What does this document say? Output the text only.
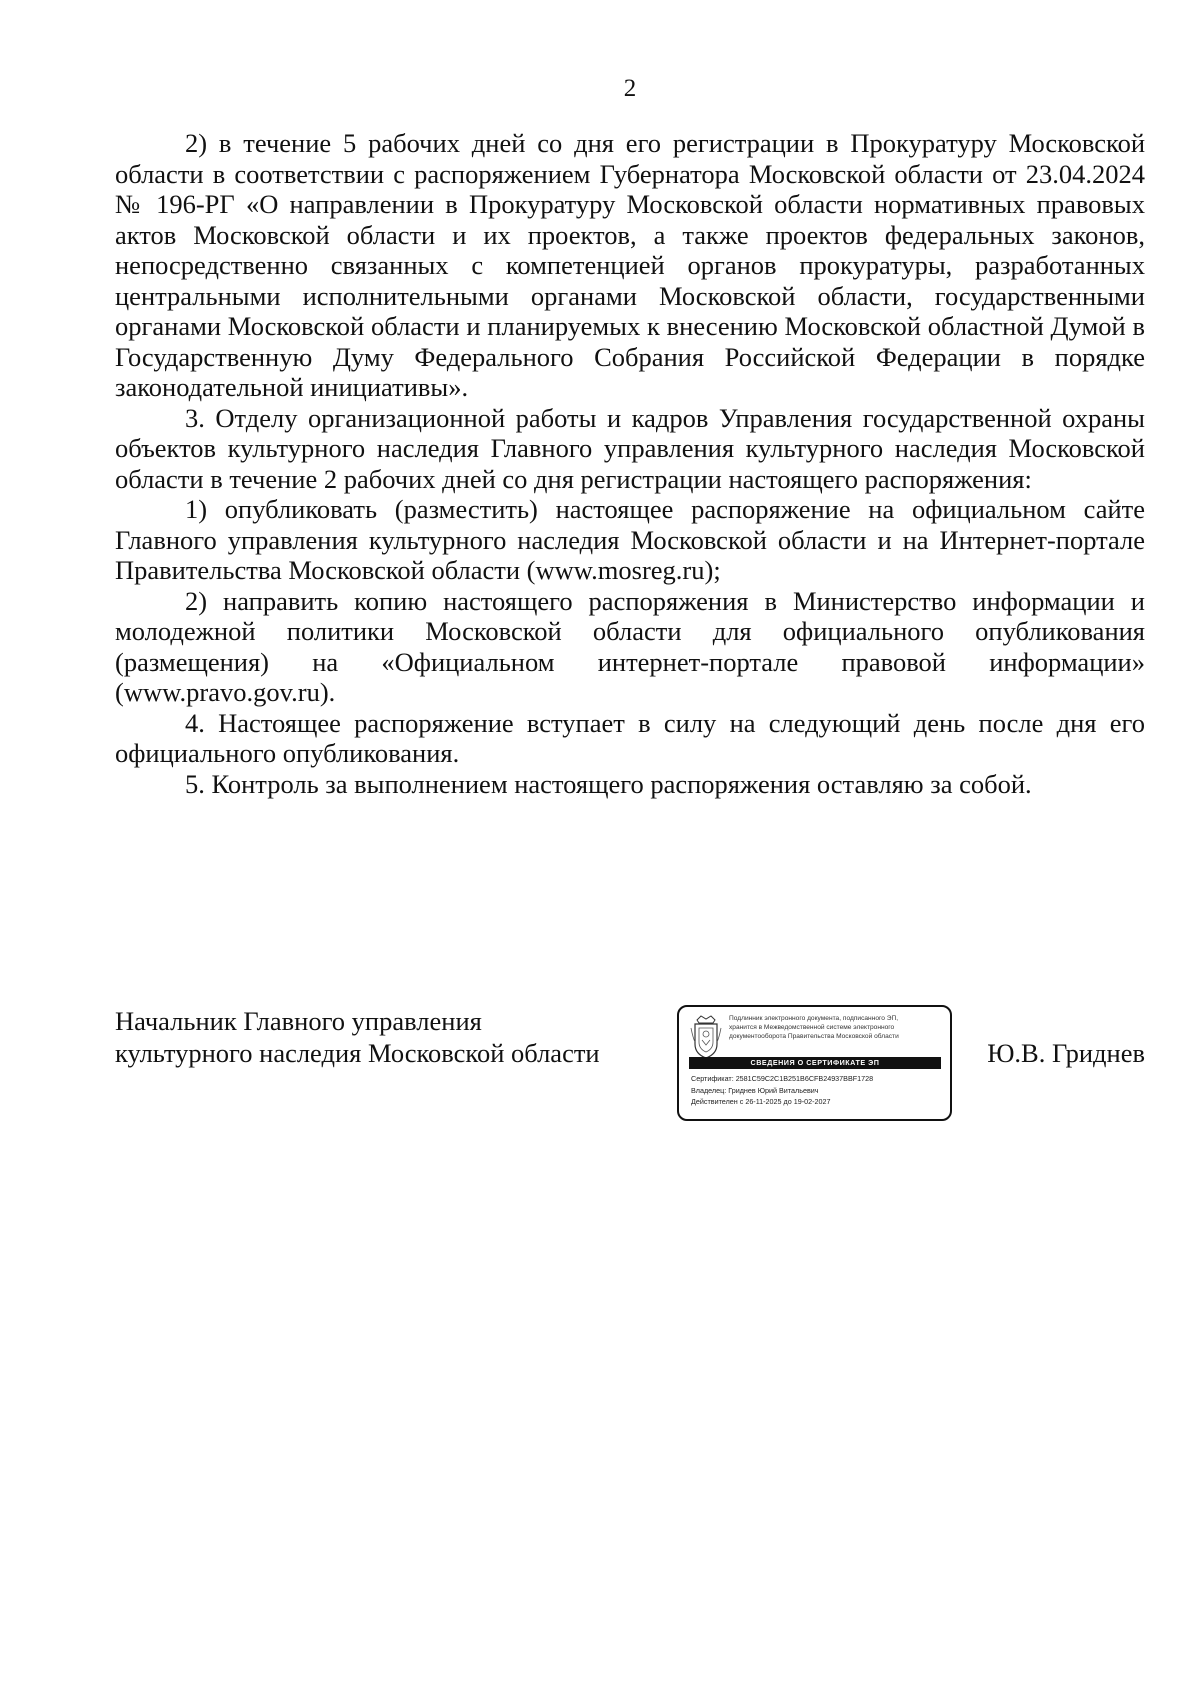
2

2) в течение 5 рабочих дней со дня его регистрации в Прокуратуру Московской области в соответствии с распоряжением Губернатора Московской области от 23.04.2024 № 196-РГ «О направлении в Прокуратуру Московской области нормативных правовых актов Московской области и их проектов, а также проектов федеральных законов, непосредственно связанных с компетенцией органов прокуратуры, разработанных центральными исполнительными органами Московской области, государственными органами Московской области и планируемых к внесению Московской областной Думой в Государственную Думу Федерального Собрания Российской Федерации в порядке законодательной инициативы».

3. Отделу организационной работы и кадров Управления государственной охраны объектов культурного наследия Главного управления культурного наследия Московской области в течение 2 рабочих дней со дня регистрации настоящего распоряжения:

1) опубликовать (разместить) настоящее распоряжение на официальном сайте Главного управления культурного наследия Московской области и на Интернет-портале Правительства Московской области (www.mosreg.ru);

2) направить копию настоящего распоряжения в Министерство информации и молодежной политики Московской области для официального опубликования (размещения) на «Официальном интернет-портале правовой информации» (www.pravo.gov.ru).

4. Настоящее распоряжение вступает в силу на следующий день после дня его официального опубликования.

5. Контроль за выполнением настоящего распоряжения оставляю за собой.

Начальник Главного управления
культурного наследия Московской области
Подлинник электронного документа, подписанного ЭП,
хранится в Межведомственной системе электронного
документооборота Правительства Московской области
СВЕДЕНИЯ О СЕРТИФИКАТЕ ЭП
Сертификат: 2581C59C2C1B251B6CFB24937BBF1728
Владелец: Гриднев Юрий Витальевич
Действителен с 26-11-2025 до 19-02-2027
Ю.В. Гриднев
